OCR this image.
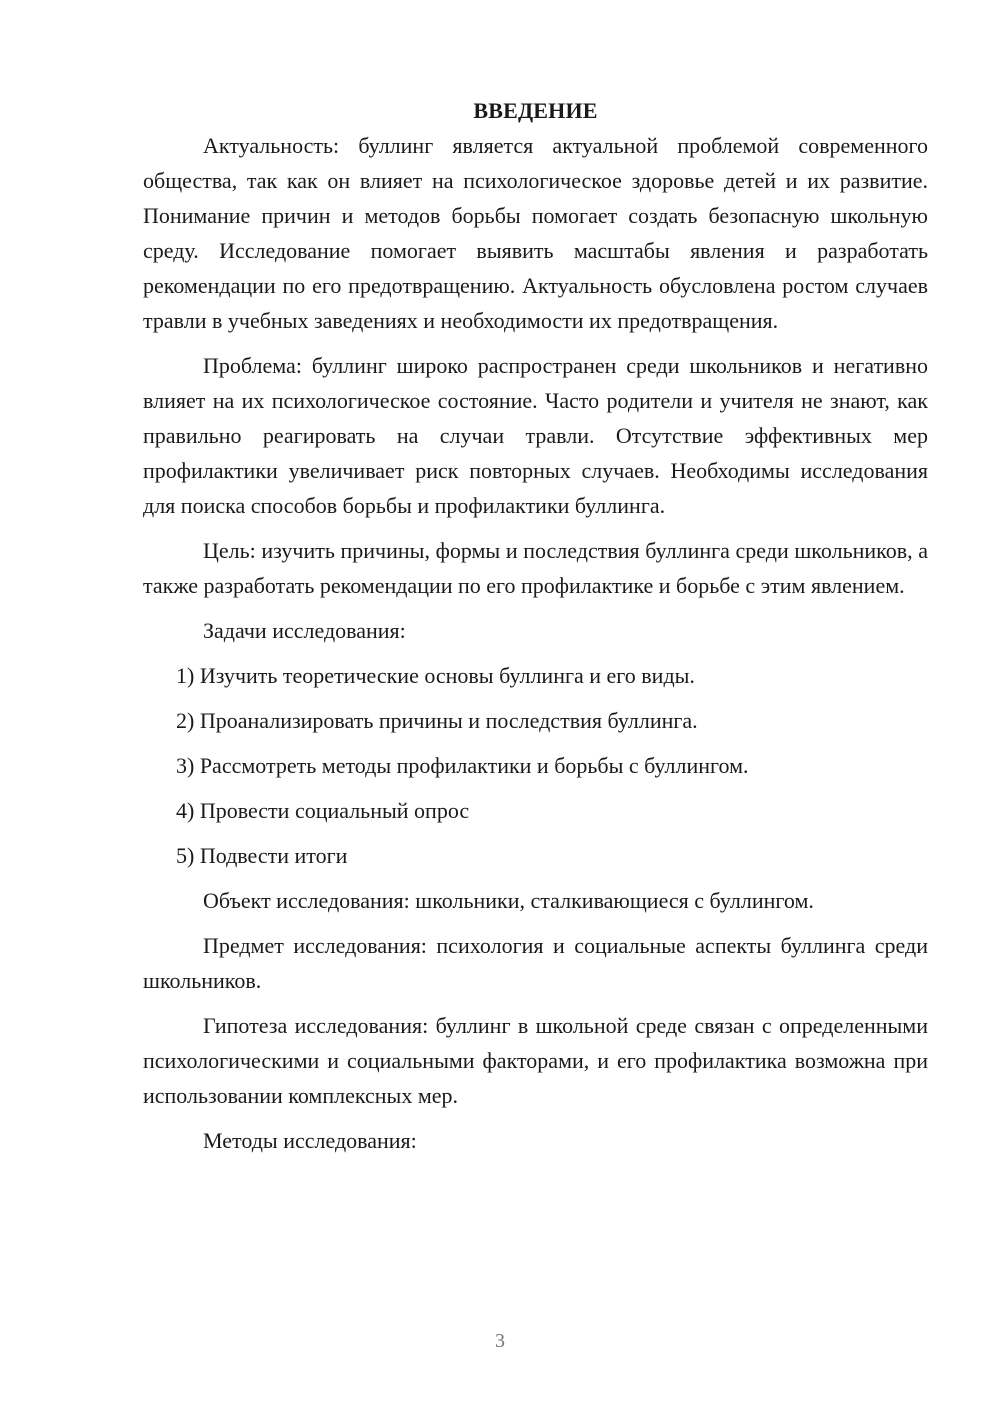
ВВЕДЕНИЕ

Актуальность: буллинг является актуальной проблемой современного общества, так как он влияет на психологическое здоровье детей и их развитие. Понимание причин и методов борьбы помогает создать безопасную школьную среду. Исследование помогает выявить масштабы явления и разработать рекомендации по его предотвращению. Актуальность обусловлена ростом случаев травли в учебных заведениях и необходимости их предотвращения.

Проблема: буллинг широко распространен среди школьников и негативно влияет на их психологическое состояние. Часто родители и учителя не знают, как правильно реагировать на случаи травли. Отсутствие эффективных мер профилактики увеличивает риск повторных случаев. Необходимы исследования для поиска способов борьбы и профилактики буллинга.

Цель: изучить причины, формы и последствия буллинга среди школьников, а также разработать рекомендации по его профилактике и борьбе с этим явлением.

Задачи исследования:

1) Изучить теоретические основы буллинга и его виды.

2) Проанализировать причины и последствия буллинга.

3) Рассмотреть методы профилактики и борьбы с буллингом.

4) Провести социальный опрос

5) Подвести итоги

Объект исследования: школьники, сталкивающиеся с буллингом.

Предмет исследования: психология и социальные аспекты буллинга среди школьников.

Гипотеза исследования: буллинг в школьной среде связан с определенными психологическими и социальными факторами, и его профилактика возможна при использовании комплексных мер.

Методы исследования:

3
